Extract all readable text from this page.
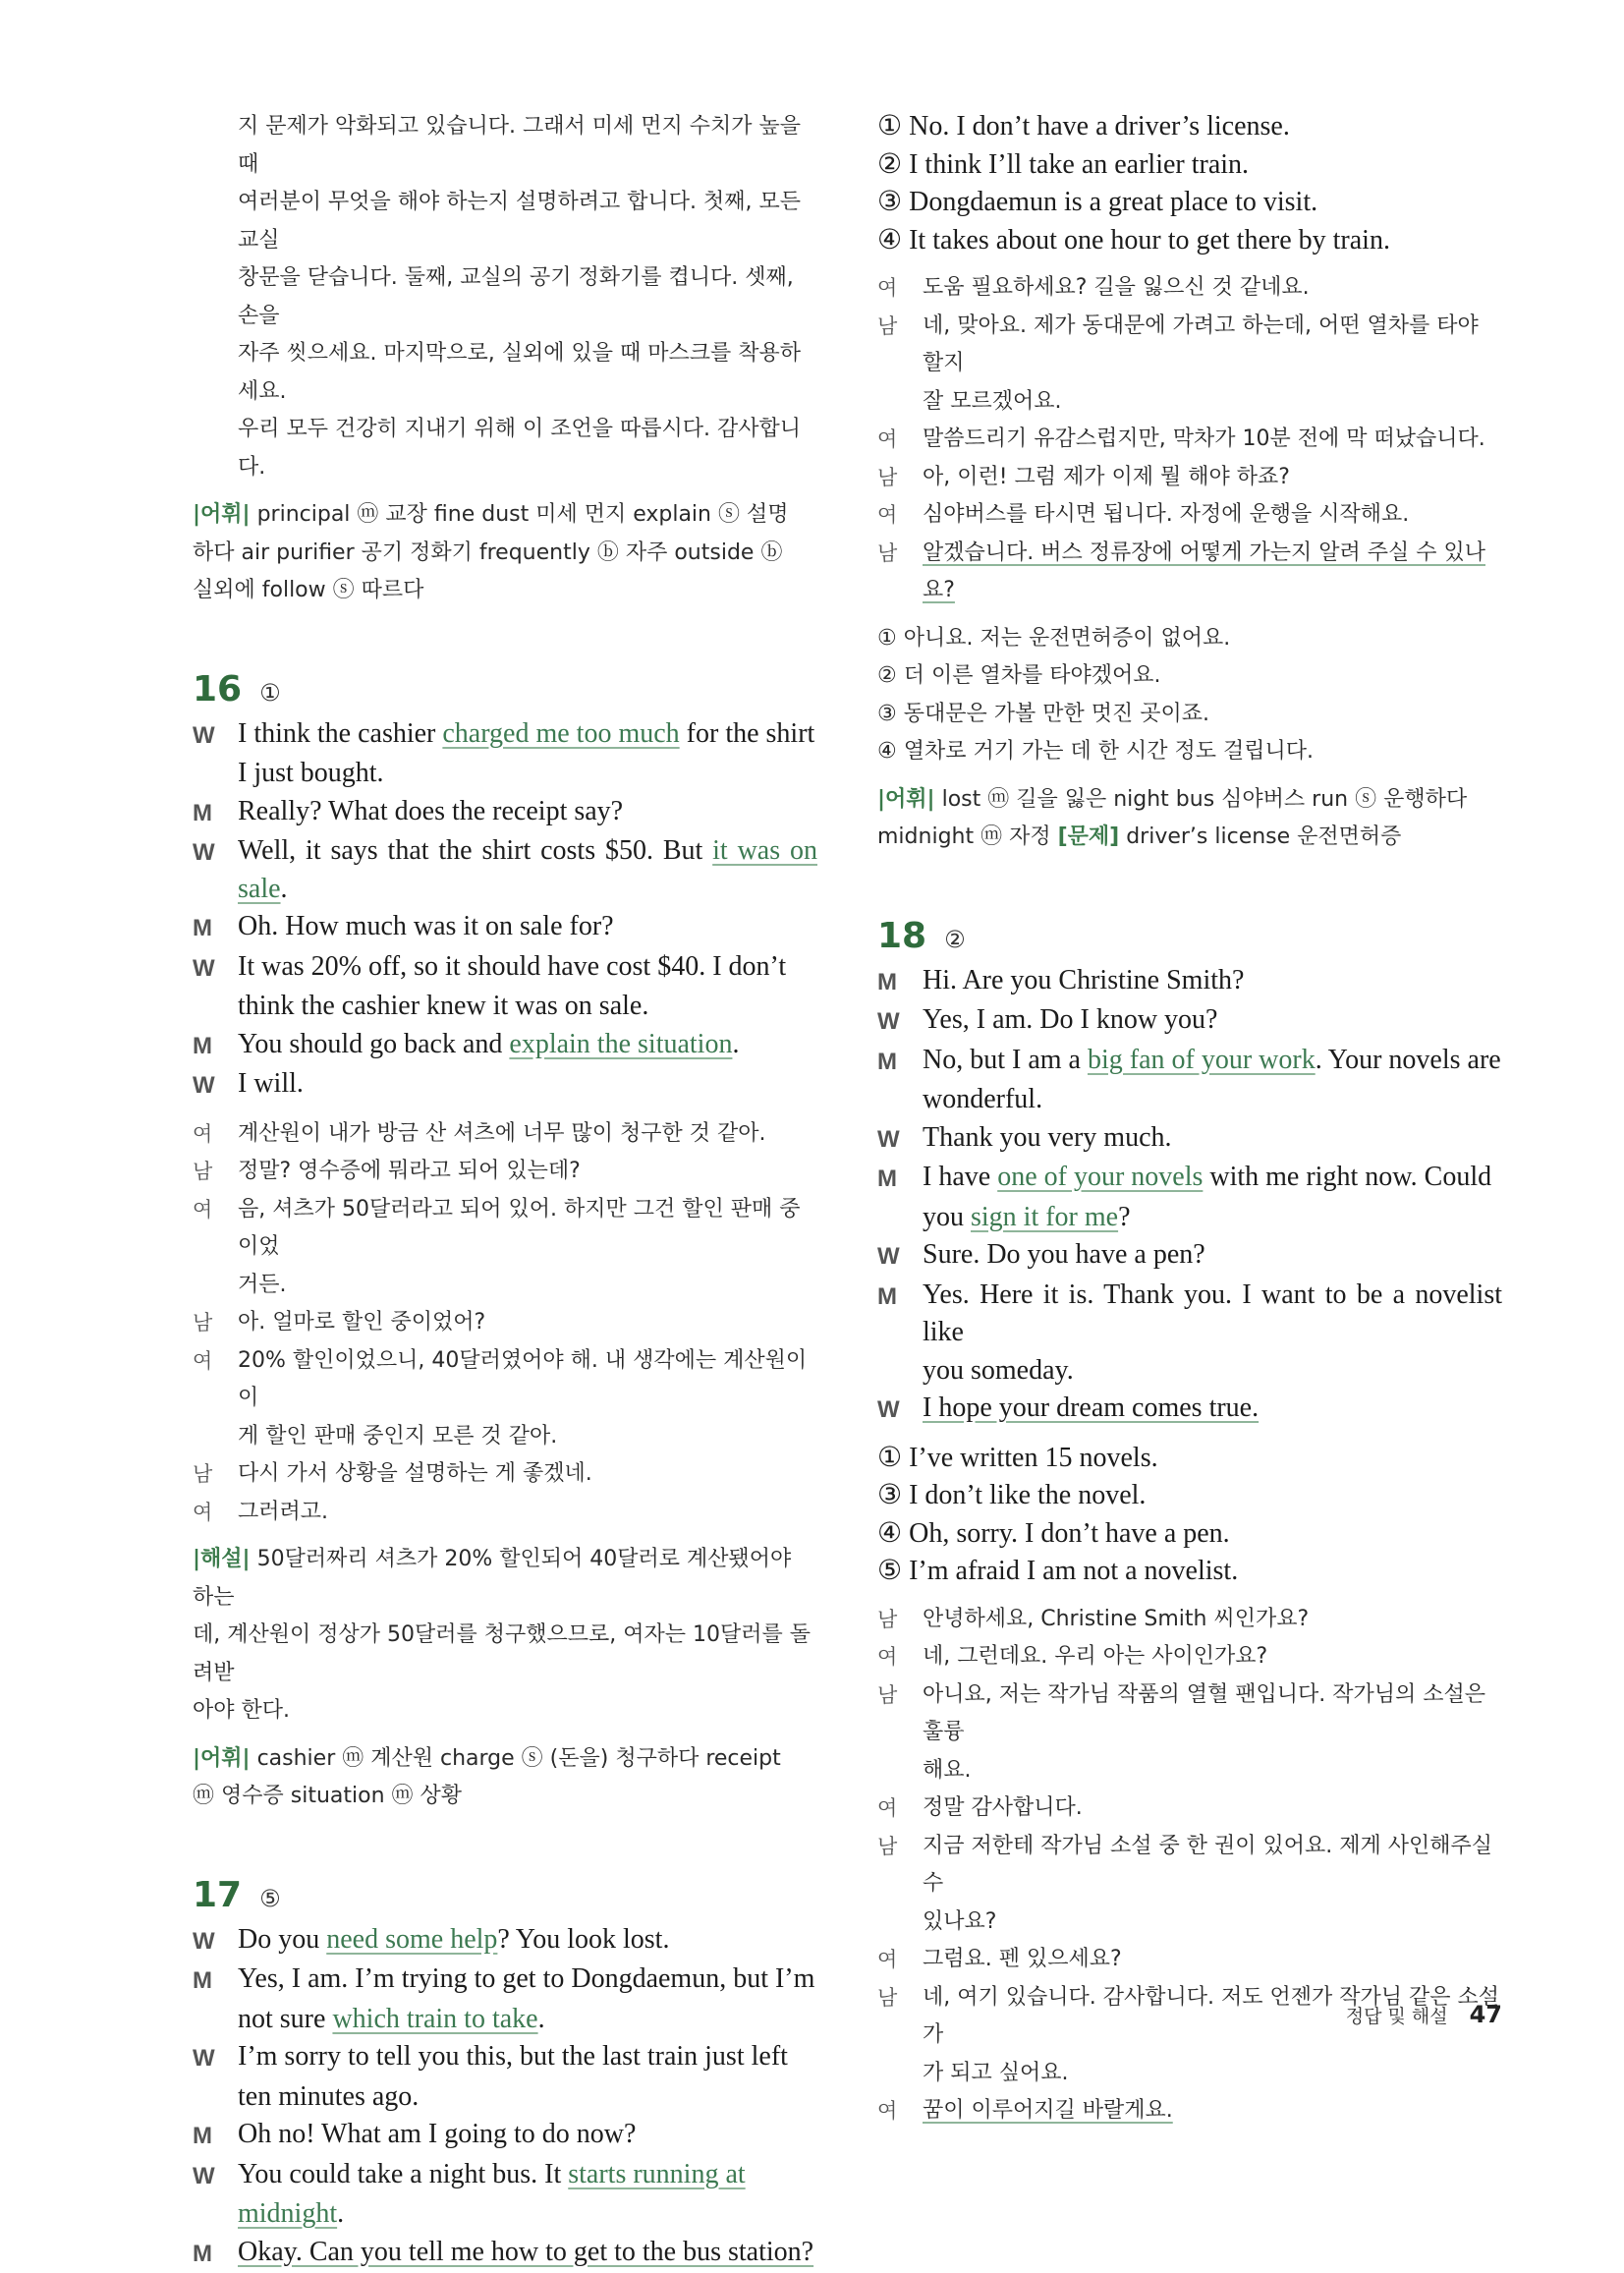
지 문제가 악화되고 있습니다. 그래서 미세 먼지 수치가 높을 때
여러분이 무엇을 해야 하는지 설명하려고 합니다. 첫째, 모든 교실
창문을 닫습니다. 둘째, 교실의 공기 정화기를 켭니다. 셋째, 손을
자주 씻으세요. 마지막으로, 실외에 있을 때 마스크를 착용하세요.
우리 모두 건강히 지내기 위해 이 조언을 따릅시다. 감사합니다.
|어휘| principal ⓜ 교장 fine dust 미세 먼지 explain ⓢ 설명
하다 air purifier 공기 정화기 frequently ⓑ 자주 outside ⓑ
실외에 follow ⓢ 따르다
16 ①
W I think the cashier charged me too much for the shirt
I just bought.
M Really? What does the receipt say?
W Well, it says that the shirt costs $50. But it was on sale.
M Oh. How much was it on sale for?
W It was 20% off, so it should have cost $40. I don’t
think the cashier knew it was on sale.
M You should go back and explain the situation.
W I will.
여	계산원이 내가 방금 산 셔츠에 너무 많이 청구한 것 같아.
남	정말? 영수증에 뭐라고 되어 있는데?
여	음, 셔츠가 50달러라고 되어 있어. 하지만 그건 할인 판매 중이었
거든.
남	아. 얼마로 할인 중이었어?
여	20% 할인이었으니, 40달러였어야 해. 내 생각에는 계산원이 이
게 할인 판매 중인지 모른 것 같아.
남	다시 가서 상황을 설명하는 게 좋겠네.
여	그러려고.
|해설| 50달러짜리 셔츠가 20% 할인되어 40달러로 계산됐어야 하는
데, 계산원이 정상가 50달러를 청구했으므로, 여자는 10달러를 돌려받
아야 한다.
|어휘| cashier ⓜ 계산원 charge ⓢ (돈을) 청구하다 receipt
ⓜ 영수증 situation ⓜ 상황
17 ⑤
W Do you need some help? You look lost.
M Yes, I am. I’m trying to get to Dongdaemun, but I’m
not sure which train to take.
W I’m sorry to tell you this, but the last train just left
ten minutes ago.
M Oh no! What am I going to do now?
W You could take a night bus. It starts running at
midnight.
M Okay. Can you tell me how to get to the bus station?
① No. I don’t have a driver’s license.
② I think I’ll take an earlier train.
③ Dongdaemun is a great place to visit.
④ It takes about one hour to get there by train.
여	도움 필요하세요? 길을 잃으신 것 같네요.
남	네, 맞아요. 제가 동대문에 가려고 하는데, 어떤 열차를 타야 할지
잘 모르겠어요.
여	말씀드리기 유감스럽지만, 막차가 10분 전에 막 떠났습니다.
남	아, 이런! 그럼 제가 이제 뭘 해야 하죠?
여	심야버스를 타시면 됩니다. 자정에 운행을 시작해요.
남	알겠습니다. 버스 정류장에 어떻게 가는지 알려 주실 수 있나요?
① 아니요. 저는 운전면허증이 없어요.
② 더 이른 열차를 타야겠어요.
③ 동대문은 가볼 만한 멋진 곳이죠.
④ 열차로 거기 가는 데 한 시간 정도 걸립니다.
|어휘| lost ⓜ 길을 잃은 night bus 심야버스 run ⓢ 운행하다
midnight ⓜ 자정 [문제] driver’s license 운전면허증
18 ②
M Hi. Are you Christine Smith?
W Yes, I am. Do I know you?
M No, but I am a big fan of your work. Your novels are
wonderful.
W Thank you very much.
M I have one of your novels with me right now. Could
you sign it for me?
W Sure. Do you have a pen?
M Yes. Here it is. Thank you. I want to be a novelist like
you someday.
W I hope your dream comes true.
① I’ve written 15 novels.
③ I don’t like the novel.
④ Oh, sorry. I don’t have a pen.
⑤ I’m afraid I am not a novelist.
남	안녕하세요, Christine Smith 씨인가요?
여	네, 그런데요. 우리 아는 사이인가요?
남	아니요, 저는 작가님 작품의 열혈 팬입니다. 작가님의 소설은 훌륭
해요.
여	정말 감사합니다.
남	지금 저한테 작가님 소설 중 한 권이 있어요. 제게 사인해주실 수
있나요?
여	그럼요. 펜 있으세요?
남	네, 여기 있습니다. 감사합니다. 저도 언젠가 작가님 같은 소설가
가 되고 싶어요.
여	꿈이 이루어지길 바랄게요.
정답 및 해설 47
